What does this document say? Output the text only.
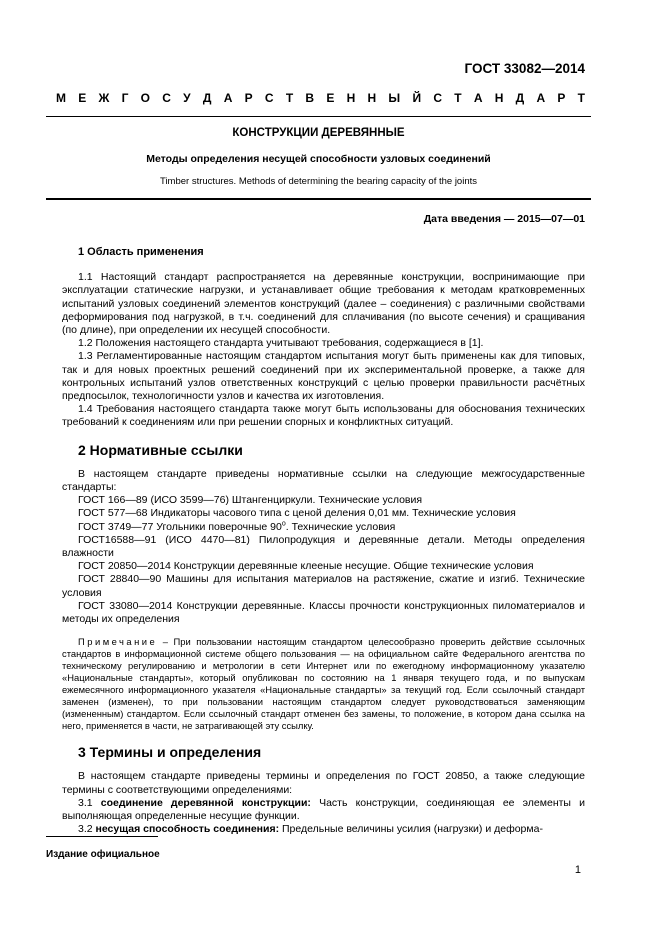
ГОСТ 33082—2014
М Е Ж Г О С У Д А Р С Т В Е Н Н Ы Й С Т А Н Д А Р Т
КОНСТРУКЦИИ ДЕРЕВЯННЫЕ
Методы определения несущей способности узловых соединений
Timber structures. Methods of determining the bearing capacity of the joints
Дата введения — 2015—07—01

1 Область применения

1.1 Настоящий стандарт распространяется на деревянные конструкции, воспринимающие при эксплуатации статические нагрузки, и устанавливает общие требования к методам кратковременных испытаний узловых соединений элементов конструкций (далее – соединения) с различными свойствами деформирования под нагрузкой, в т.ч. соединений для сплачивания (по высоте сечения) и сращивания (по длине), при определении их несущей способности.

1.2 Положения настоящего стандарта учитывают требования, содержащиеся в [1].

1.3 Регламентированные настоящим стандартом испытания могут быть применены как для типовых, так и для новых проектных решений соединений при их экспериментальной проверке, а также для контрольных испытаний узлов ответственных конструкций с целью проверки правильности расчётных предпосылок, технологичности узлов и качества их изготовления.

1.4 Требования настоящего стандарта также могут быть использованы для обоснования технических требований к соединениям или при решении спорных и конфликтных ситуаций.

2 Нормативные ссылки

В настоящем стандарте приведены нормативные ссылки на следующие межгосударственные стандарты:

ГОСТ 166—89 (ИСО 3599—76) Штангенциркули. Технические условия

ГОСТ 577—68 Индикаторы часового типа с ценой деления 0,01 мм. Технические условия

ГОСТ 3749—77 Угольники поверочные $90^о$. Технические условия

ГОСТ16588—91 (ИСО 4470—81) Пилопродукция и деревянные детали. Методы определения влажности

ГОСТ 20850—2014 Конструкции деревянные клееные несущие. Общие технические условия

ГОСТ 28840—90 Машины для испытания материалов на растяжение, сжатие и изгиб. Технические условия

ГОСТ 33080—2014 Конструкции деревянные. Классы прочности конструкционных пиломатериалов и методы их определения

Примечание – При пользовании настоящим стандартом целесообразно проверить действие ссылочных стандартов в информационной системе общего пользования — на официальном сайте Федерального агентства по техническому регулированию и метрологии в сети Интернет или по ежегодному информационному указателю «Национальные стандарты», который опубликован по состоянию на 1 января текущего года, и по выпускам ежемесячного информационного указателя «Национальные стандарты» за текущий год. Если ссылочный стандарт заменен (изменен), то при пользовании настоящим стандартом следует руководствоваться заменяющим (измененным) стандартом. Если ссылочный стандарт отменен без замены, то положение, в котором дана ссылка на него, применяется в части, не затрагивающей эту ссылку.

3 Термины и определения

В настоящем стандарте приведены термины и определения по ГОСТ 20850, а также следующие термины с соответствующими определениями:

3.1 соединение деревянной конструкции: Часть конструкции, соединяющая ее элементы и выполняющая определенные несущие функции.

3.2 несущая способность соединения: Предельные величины усилия (нагрузки) и деформа-

Издание официальное
1
